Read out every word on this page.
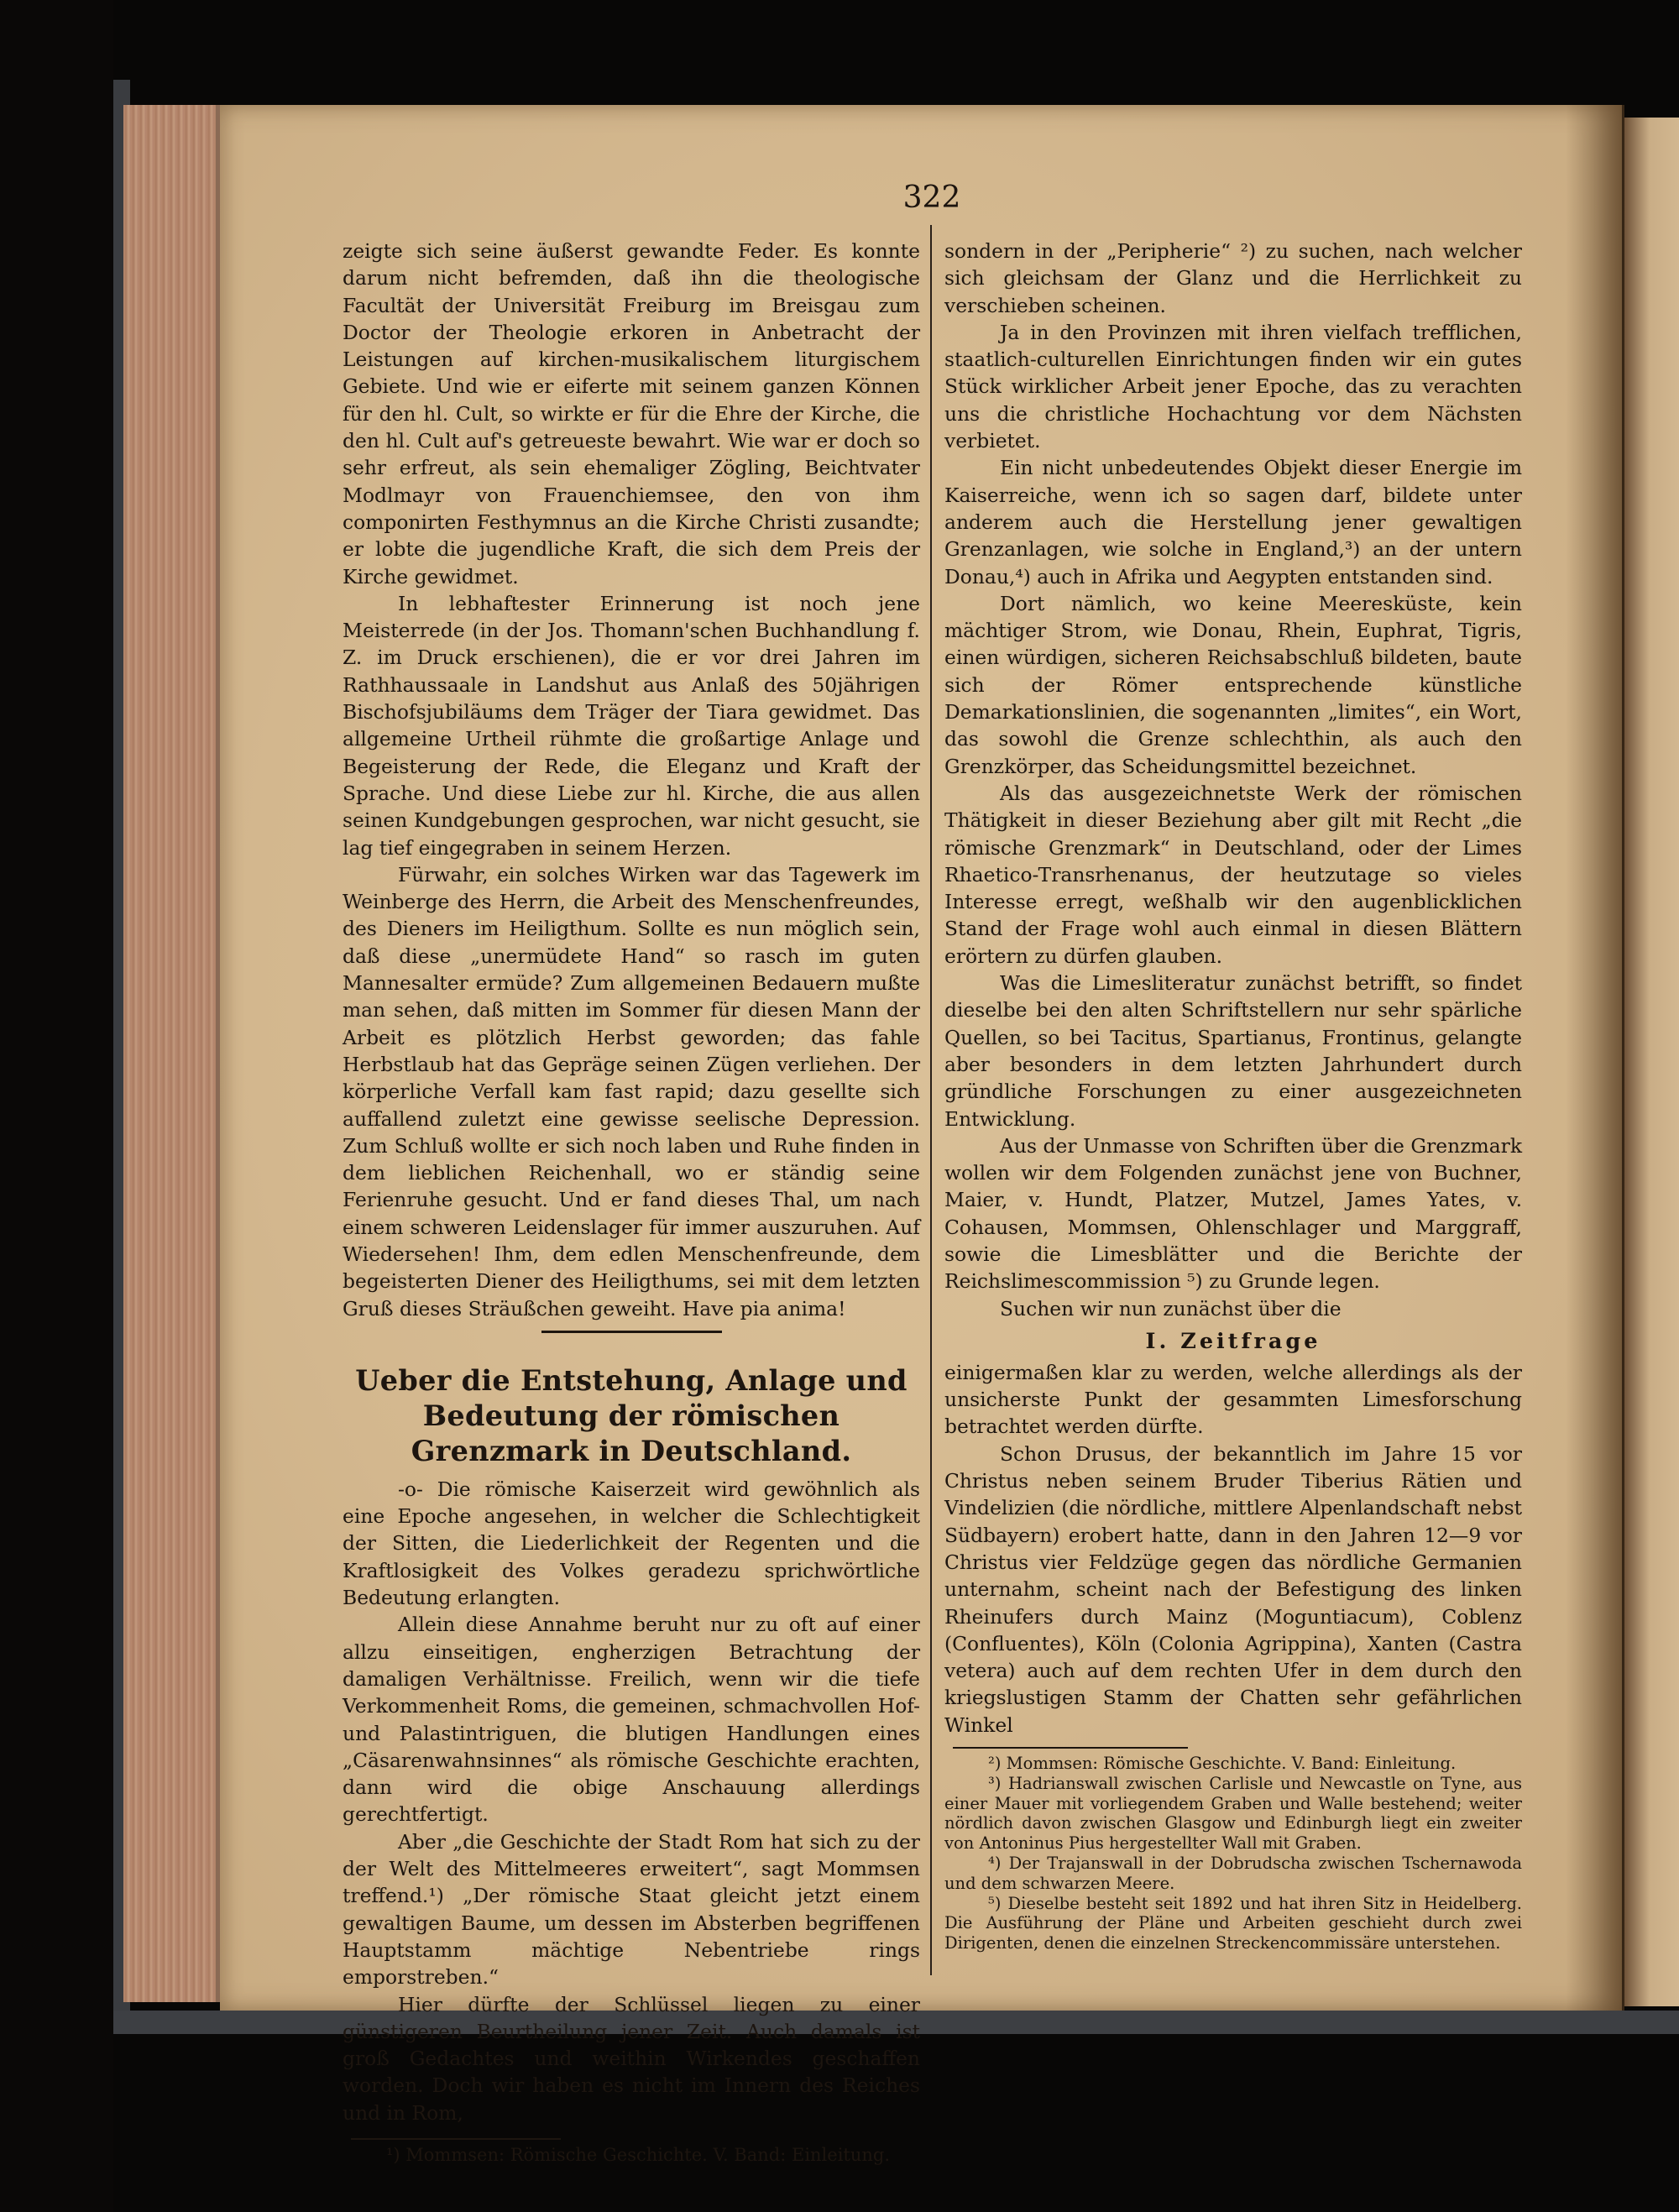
322

zeigte sich seine äußerst gewandte Feder. Es konnte darum nicht befremden, daß ihn die theologische Facultät der Universität Freiburg im Breisgau zum Doctor der Theologie erkoren in Anbetracht der Leistungen auf kirchen-musikalischem liturgischem Gebiete. Und wie er eiferte mit seinem ganzen Können für den hl. Cult, so wirkte er für die Ehre der Kirche, die den hl. Cult auf's getreueste bewahrt. Wie war er doch so sehr erfreut, als sein ehemaliger Zögling, Beichtvater Modlmayr von Frauenchiemsee, den von ihm componirten Festhymnus an die Kirche Christi zusandte; er lobte die jugendliche Kraft, die sich dem Preis der Kirche gewidmet.

In lebhaftester Erinnerung ist noch jene Meisterrede (in der Jos. Thomann'schen Buchhandlung f. Z. im Druck erschienen), die er vor drei Jahren im Rathhaussaale in Landshut aus Anlaß des 50jährigen Bischofsjubiläums dem Träger der Tiara gewidmet. Das allgemeine Urtheil rühmte die großartige Anlage und Begeisterung der Rede, die Eleganz und Kraft der Sprache. Und diese Liebe zur hl. Kirche, die aus allen seinen Kundgebungen gesprochen, war nicht gesucht, sie lag tief eingegraben in seinem Herzen.

Fürwahr, ein solches Wirken war das Tagewerk im Weinberge des Herrn, die Arbeit des Menschenfreundes, des Dieners im Heiligthum. Sollte es nun möglich sein, daß diese „unermüdete Hand“ so rasch im guten Mannesalter ermüde? Zum allgemeinen Bedauern mußte man sehen, daß mitten im Sommer für diesen Mann der Arbeit es plötzlich Herbst geworden; das fahle Herbstlaub hat das Gepräge seinen Zügen verliehen. Der körperliche Verfall kam fast rapid; dazu gesellte sich auffallend zuletzt eine gewisse seelische Depression. Zum Schluß wollte er sich noch laben und Ruhe finden in dem lieblichen Reichenhall, wo er ständig seine Ferienruhe gesucht. Und er fand dieses Thal, um nach einem schweren Leidenslager für immer auszuruhen. Auf Wiedersehen! Ihm, dem edlen Menschenfreunde, dem begeisterten Diener des Heiligthums, sei mit dem letzten Gruß dieses Sträußchen geweiht. Have pia anima!

Ueber die Entstehung, Anlage und Bedeutung der römischen Grenzmark in Deutschland.

-o- Die römische Kaiserzeit wird gewöhnlich als eine Epoche angesehen, in welcher die Schlechtigkeit der Sitten, die Liederlichkeit der Regenten und die Kraftlosigkeit des Volkes geradezu sprichwörtliche Bedeutung erlangten.

Allein diese Annahme beruht nur zu oft auf einer allzu einseitigen, engherzigen Betrachtung der damaligen Verhältnisse. Freilich, wenn wir die tiefe Verkommenheit Roms, die gemeinen, schmachvollen Hof- und Palastintriguen, die blutigen Handlungen eines „Cäsarenwahnsinnes“ als römische Geschichte erachten, dann wird die obige Anschauung allerdings gerechtfertigt.

Aber „die Geschichte der Stadt Rom hat sich zu der der Welt des Mittelmeeres erweitert“, sagt Mommsen treffend.¹) „Der römische Staat gleicht jetzt einem gewaltigen Baume, um dessen im Absterben begriffenen Hauptstamm mächtige Nebentriebe rings emporstreben.“

Hier dürfte der Schlüssel liegen zu einer günstigeren Beurtheilung jener Zeit. Auch damals ist groß Gedachtes und weithin Wirkendes geschaffen worden. Doch wir haben es nicht im Innern des Reiches und in Rom,

¹) Mommsen: Römische Geschichte. V. Band: Einleitung.

sondern in der „Peripherie“ ²) zu suchen, nach welcher sich gleichsam der Glanz und die Herrlichkeit zu verschieben scheinen.

Ja in den Provinzen mit ihren vielfach trefflichen, staatlich-culturellen Einrichtungen finden wir ein gutes Stück wirklicher Arbeit jener Epoche, das zu verachten uns die christliche Hochachtung vor dem Nächsten verbietet.

Ein nicht unbedeutendes Objekt dieser Energie im Kaiserreiche, wenn ich so sagen darf, bildete unter anderem auch die Herstellung jener gewaltigen Grenzanlagen, wie solche in England,³) an der untern Donau,⁴) auch in Afrika und Aegypten entstanden sind.

Dort nämlich, wo keine Meeresküste, kein mächtiger Strom, wie Donau, Rhein, Euphrat, Tigris, einen würdigen, sicheren Reichsabschluß bildeten, baute sich der Römer entsprechende künstliche Demarkationslinien, die sogenannten „limites“, ein Wort, das sowohl die Grenze schlechthin, als auch den Grenzkörper, das Scheidungsmittel bezeichnet.

Als das ausgezeichnetste Werk der römischen Thätigkeit in dieser Beziehung aber gilt mit Recht „die römische Grenzmark“ in Deutschland, oder der Limes Rhaetico-Transrhenanus, der heutzutage so vieles Interesse erregt, weßhalb wir den augenblicklichen Stand der Frage wohl auch einmal in diesen Blättern erörtern zu dürfen glauben.

Was die Limesliteratur zunächst betrifft, so findet dieselbe bei den alten Schriftstellern nur sehr spärliche Quellen, so bei Tacitus, Spartianus, Frontinus, gelangte aber besonders in dem letzten Jahrhundert durch gründliche Forschungen zu einer ausgezeichneten Entwicklung.

Aus der Unmasse von Schriften über die Grenzmark wollen wir dem Folgenden zunächst jene von Buchner, Maier, v. Hundt, Platzer, Mutzel, James Yates, v. Cohausen, Mommsen, Ohlenschlager und Marggraff, sowie die Limesblätter und die Berichte der Reichslimescommission ⁵) zu Grunde legen.

Suchen wir nun zunächst über die

I. Zeitfrage

einigermaßen klar zu werden, welche allerdings als der unsicherste Punkt der gesammten Limesforschung betrachtet werden dürfte.

Schon Drusus, der bekanntlich im Jahre 15 vor Christus neben seinem Bruder Tiberius Rätien und Vindelizien (die nördliche, mittlere Alpenlandschaft nebst Südbayern) erobert hatte, dann in den Jahren 12—9 vor Christus vier Feldzüge gegen das nördliche Germanien unternahm, scheint nach der Befestigung des linken Rheinufers durch Mainz (Moguntiacum), Coblenz (Confluentes), Köln (Colonia Agrippina), Xanten (Castra vetera) auch auf dem rechten Ufer in dem durch den kriegslustigen Stamm der Chatten sehr gefährlichen Winkel

²) Mommsen: Römische Geschichte. V. Band: Einleitung.

³) Hadrianswall zwischen Carlisle und Newcastle on Tyne, aus einer Mauer mit vorliegendem Graben und Walle bestehend; weiter nördlich davon zwischen Glasgow und Edinburgh liegt ein zweiter von Antoninus Pius hergestellter Wall mit Graben.

⁴) Der Trajanswall in der Dobrudscha zwischen Tschernawoda und dem schwarzen Meere.

⁵) Dieselbe besteht seit 1892 und hat ihren Sitz in Heidelberg. Die Ausführung der Pläne und Arbeiten geschieht durch zwei Dirigenten, denen die einzelnen Streckencommissäre unterstehen.
